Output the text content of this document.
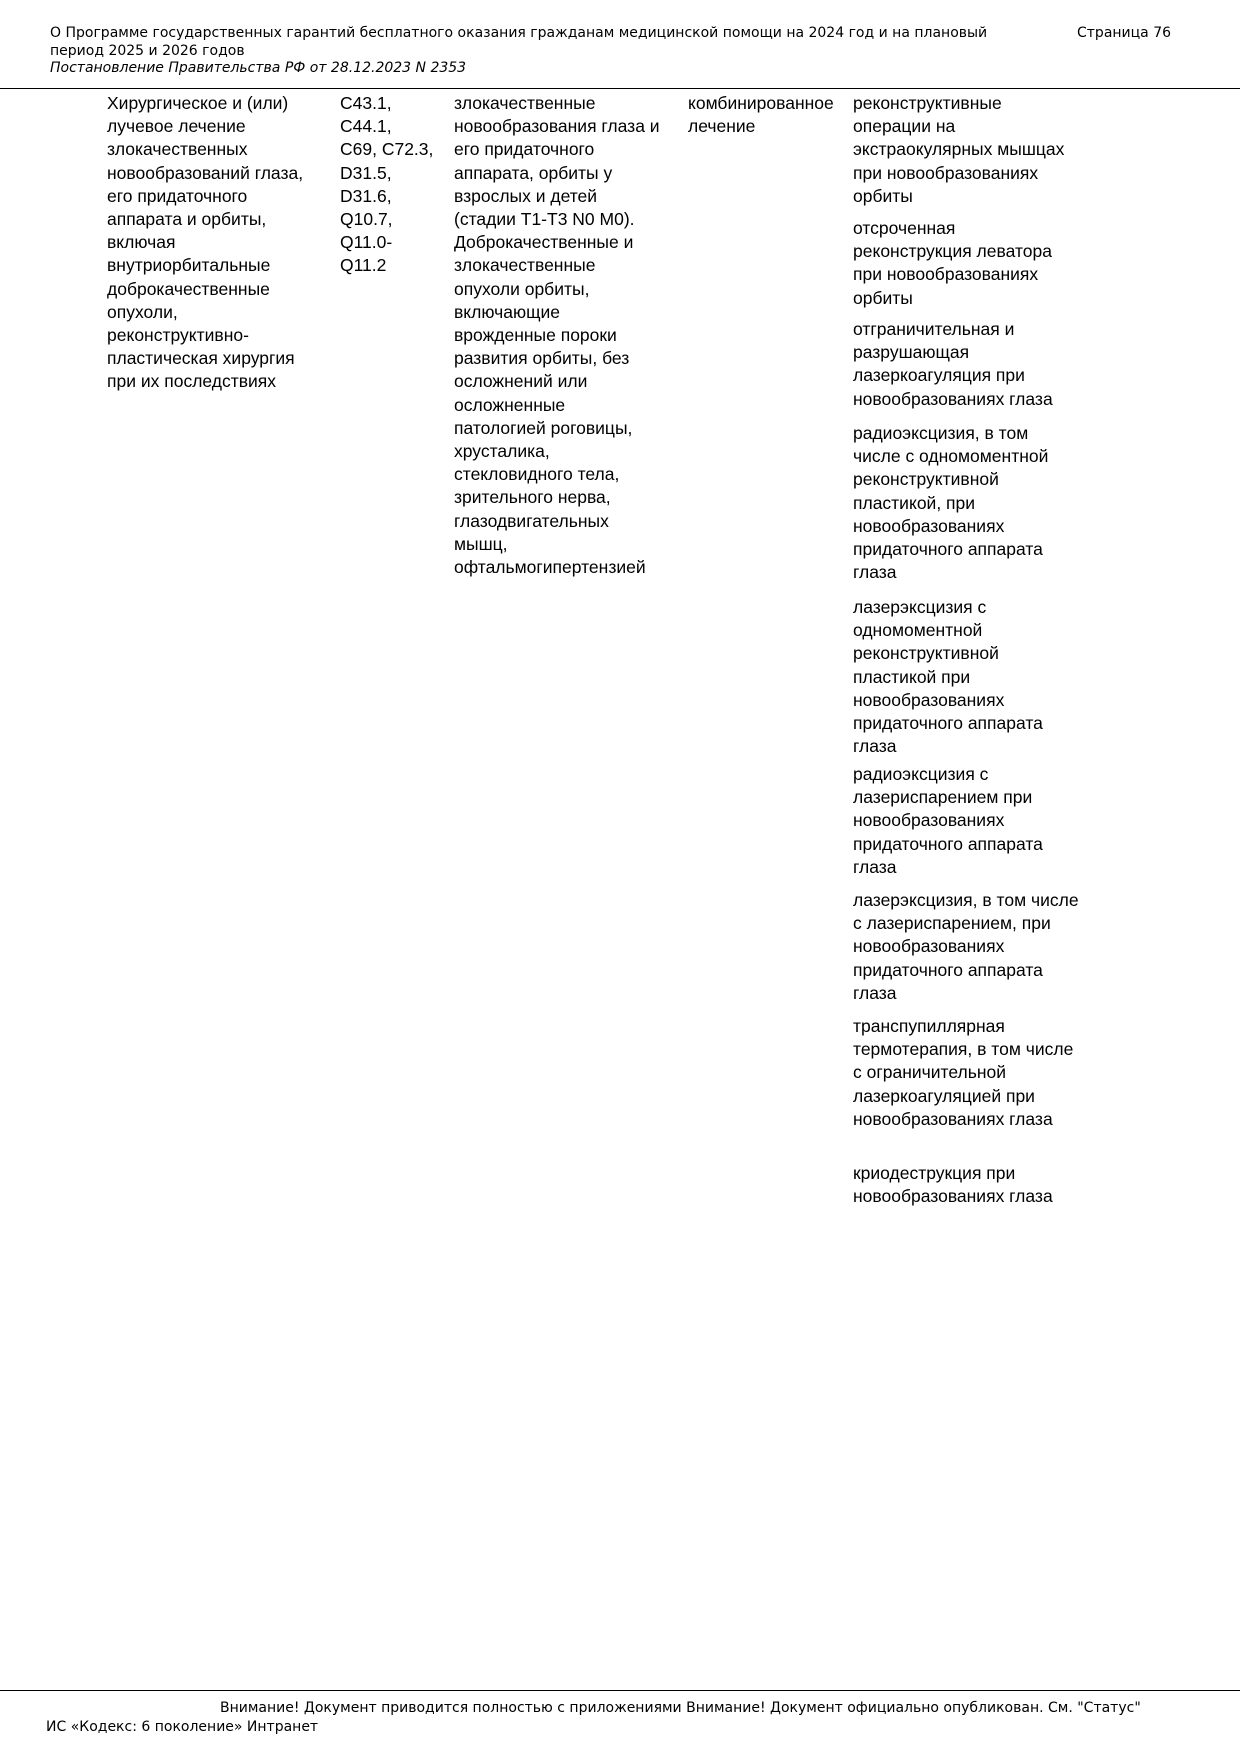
О Программе государственных гарантий бесплатного оказания гражданам медицинской помощи на 2024 год и на плановый период 2025 и 2026 годов
Страница 76
Постановление Правительства РФ от 28.12.2023 N 2353
Хирургическое и (или)
лучевое лечение
злокачественных
новообразований глаза,
его придаточного
аппарата и орбиты,
включая
внутриорбитальные
доброкачественные
опухоли,
реконструктивно-
пластическая хирургия
при их последствиях
C43.1,
C44.1,
C69, C72.3,
D31.5,
D31.6,
Q10.7,
Q11.0-
Q11.2
злокачественные
новообразования глаза и
его придаточного
аппарата, орбиты у
взрослых и детей
(стадии T1-T3 N0 M0).
Доброкачественные и
злокачественные
опухоли орбиты,
включающие
врожденные пороки
развития орбиты, без
осложнений или
осложненные
патологией роговицы,
хрусталика,
стекловидного тела,
зрительного нерва,
глазодвигательных
мышц,
офтальмогипертензией
комбинированное
лечение
реконструктивные
операции на
экстраокулярных мышцах
при новообразованиях
орбиты
отсроченная
реконструкция леватора
при новообразованиях
орбиты
отграничительная и
разрушающая
лазеркоагуляция при
новообразованиях глаза
радиоэксцизия, в том
числе с одномоментной
реконструктивной
пластикой, при
новообразованиях
придаточного аппарата
глаза
лазерэксцизия с
одномоментной
реконструктивной
пластикой при
новообразованиях
придаточного аппарата
глаза
радиоэксцизия с
лазериспарением при
новообразованиях
придаточного аппарата
глаза
лазерэксцизия, в том числе
с лазериспарением, при
новообразованиях
придаточного аппарата
глаза
транспупиллярная
термотерапия, в том числе
с ограничительной
лазеркоагуляцией при
новообразованиях глаза
криодеструкция при
новообразованиях глаза
Внимание! Документ приводится полностью с приложениями Внимание! Документ официально опубликован. См. "Статус"
ИС «Кодекс: 6 поколение» Интранет
